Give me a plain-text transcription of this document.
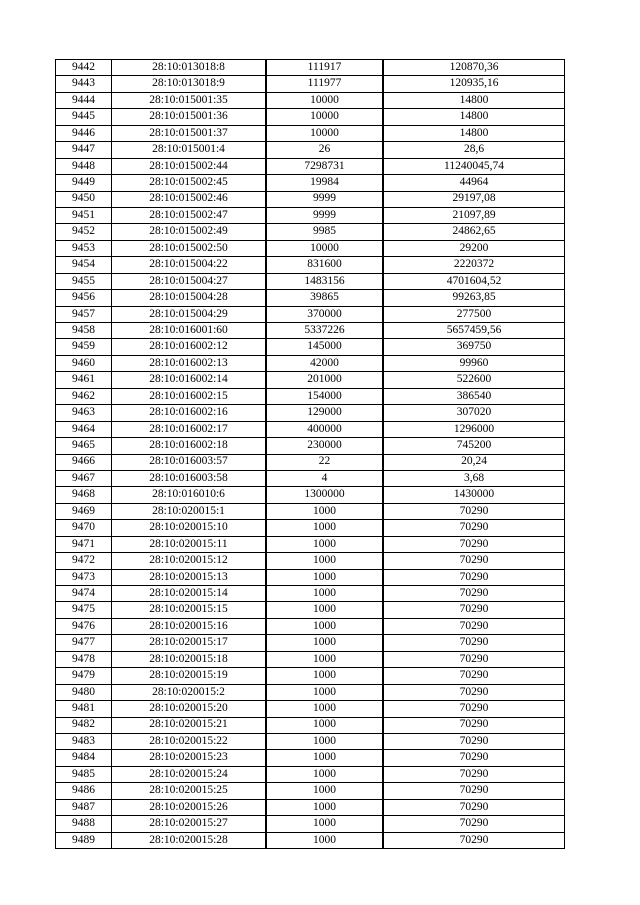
9442	28:10:013018:8	111917	120870,36
9443	28:10:013018:9	111977	120935,16
9444	28:10:015001:35	10000	14800
9445	28:10:015001:36	10000	14800
9446	28:10:015001:37	10000	14800
9447	28:10:015001:4	26	28,6
9448	28:10:015002:44	7298731	11240045,74
9449	28:10:015002:45	19984	44964
9450	28:10:015002:46	9999	29197,08
9451	28:10:015002:47	9999	21097,89
9452	28:10:015002:49	9985	24862,65
9453	28:10:015002:50	10000	29200
9454	28:10:015004:22	831600	2220372
9455	28:10:015004:27	1483156	4701604,52
9456	28:10:015004:28	39865	99263,85
9457	28:10:015004:29	370000	277500
9458	28:10:016001:60	5337226	5657459,56
9459	28:10:016002:12	145000	369750
9460	28:10:016002:13	42000	99960
9461	28:10:016002:14	201000	522600
9462	28:10:016002:15	154000	386540
9463	28:10:016002:16	129000	307020
9464	28:10:016002:17	400000	1296000
9465	28:10:016002:18	230000	745200
9466	28:10:016003:57	22	20,24
9467	28:10:016003:58	4	3,68
9468	28:10:016010:6	1300000	1430000
9469	28:10:020015:1	1000	70290
9470	28:10:020015:10	1000	70290
9471	28:10:020015:11	1000	70290
9472	28:10:020015:12	1000	70290
9473	28:10:020015:13	1000	70290
9474	28:10:020015:14	1000	70290
9475	28:10:020015:15	1000	70290
9476	28:10:020015:16	1000	70290
9477	28:10:020015:17	1000	70290
9478	28:10:020015:18	1000	70290
9479	28:10:020015:19	1000	70290
9480	28:10:020015:2	1000	70290
9481	28:10:020015:20	1000	70290
9482	28:10:020015:21	1000	70290
9483	28:10:020015:22	1000	70290
9484	28:10:020015:23	1000	70290
9485	28:10:020015:24	1000	70290
9486	28:10:020015:25	1000	70290
9487	28:10:020015:26	1000	70290
9488	28:10:020015:27	1000	70290
9489	28:10:020015:28	1000	70290
